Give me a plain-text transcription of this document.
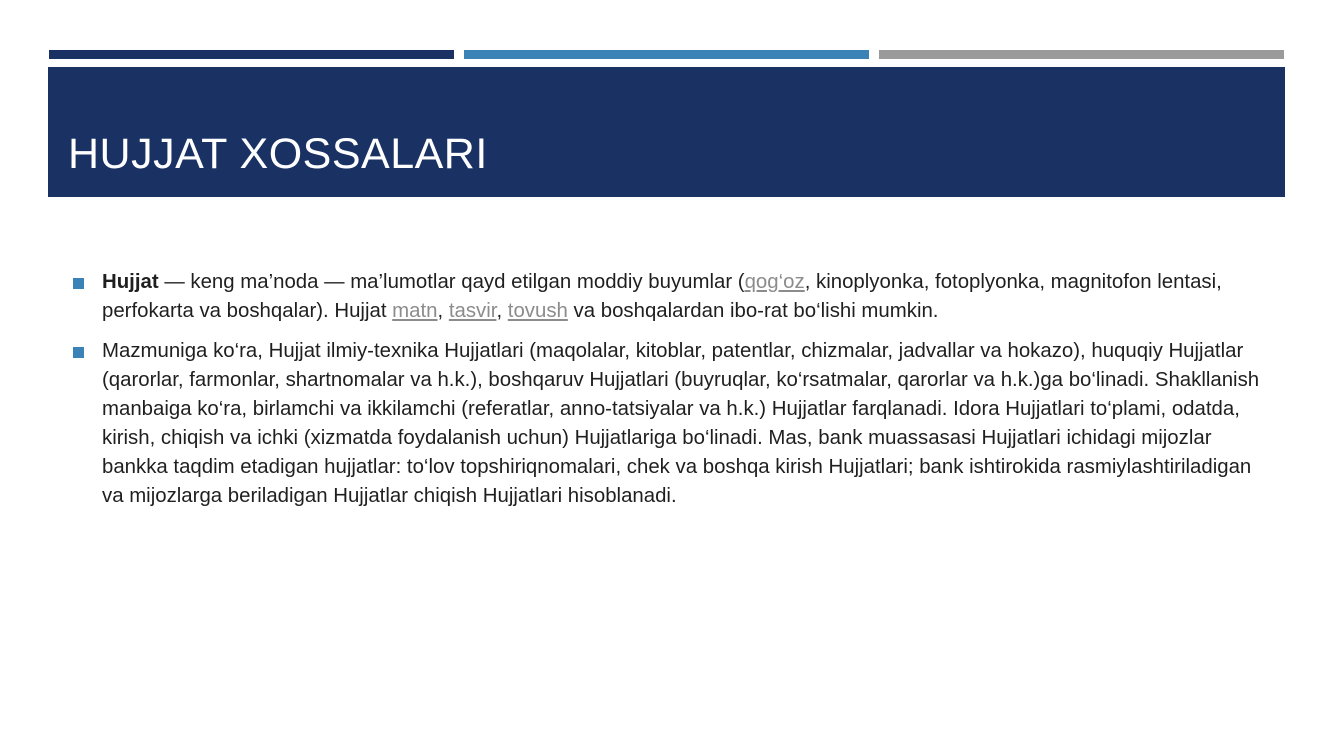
HUJJAT XOSSALARI
Hujjat — keng ma’noda — ma’lumotlar qayd etilgan moddiy buyumlar (qog‘oz, kinoplyonka, fotoplyonka, magnitofon lentasi, perfokarta va boshqalar). Hujjat matn, tasvir, tovush va boshqalardan ibo-rat bo‘lishi mumkin.
Mazmuniga ko‘ra, Hujjat ilmiy-texnika Hujjatlari (maqolalar, kitoblar, patentlar, chizmalar, jadvallar va hokazo), huquqiy Hujjatlar (qarorlar, farmonlar, shartnomalar va h.k.), boshqaruv Hujjatlari (buyruqlar, ko‘rsatmalar, qarorlar va h.k.)ga bo‘linadi. Shakllanish manbaiga ko‘ra, birlamchi va ikkilamchi (referatlar, anno-tatsiyalar va h.k.) Hujjatlar farqlanadi. Idora Hujjatlari to‘plami, odatda, kirish, chiqish va ichki (xizmatda foydalanish uchun) Hujjatlariga bo‘linadi. Mas, bank muassasasi Hujjatlari ichidagi mijozlar bankka taqdim etadigan hujjatlar: to‘lov topshiriqnomalari, chek va boshqa kirish Hujjatlari; bank ishtirokida rasmiylashtiriladigan va mijozlarga beriladigan Hujjatlar chiqish Hujjatlari hisoblanadi.
